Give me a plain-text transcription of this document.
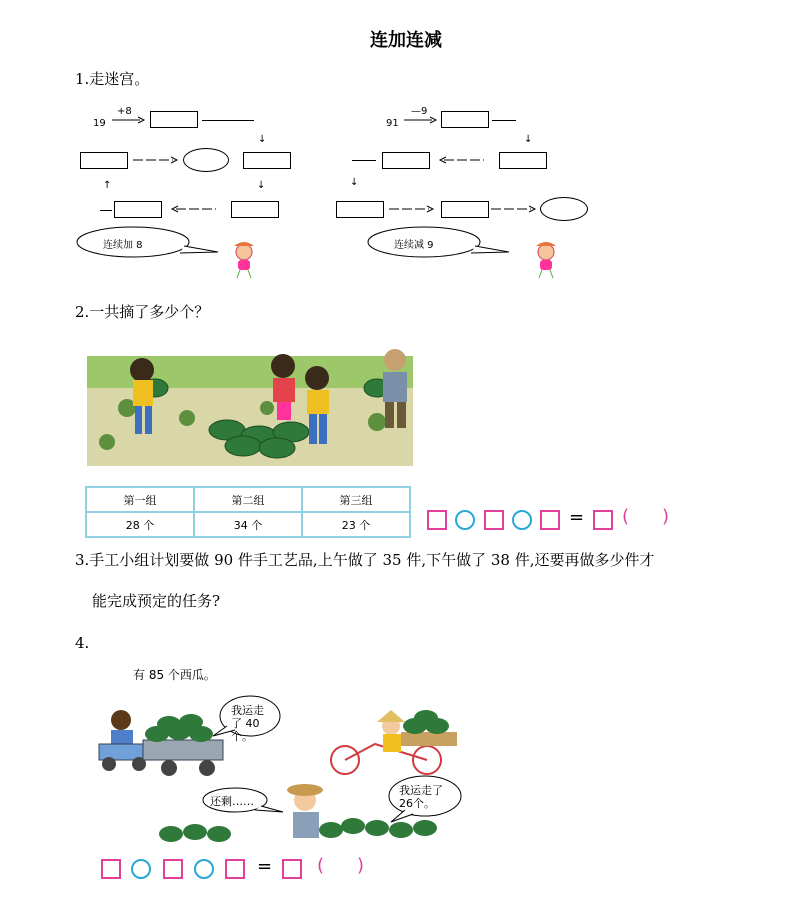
连加连减
1.走迷宫。
19
+8
↓
↓
↑
连续加 8
91
—9
↓
↓
连续减 9
2.一共摘了多少个？
第一组	第二组	第三组
28 个	34 个	23 个	= ( )
3.手工小组计划要做 90 件手工艺品,上午做了 35 件,下午做了 38 件,还要再做多少件才
能完成预定的任务?
4.
有 85 个西瓜。
我运走了 40个。
我运走了 26个。
还剩……
= ( )
